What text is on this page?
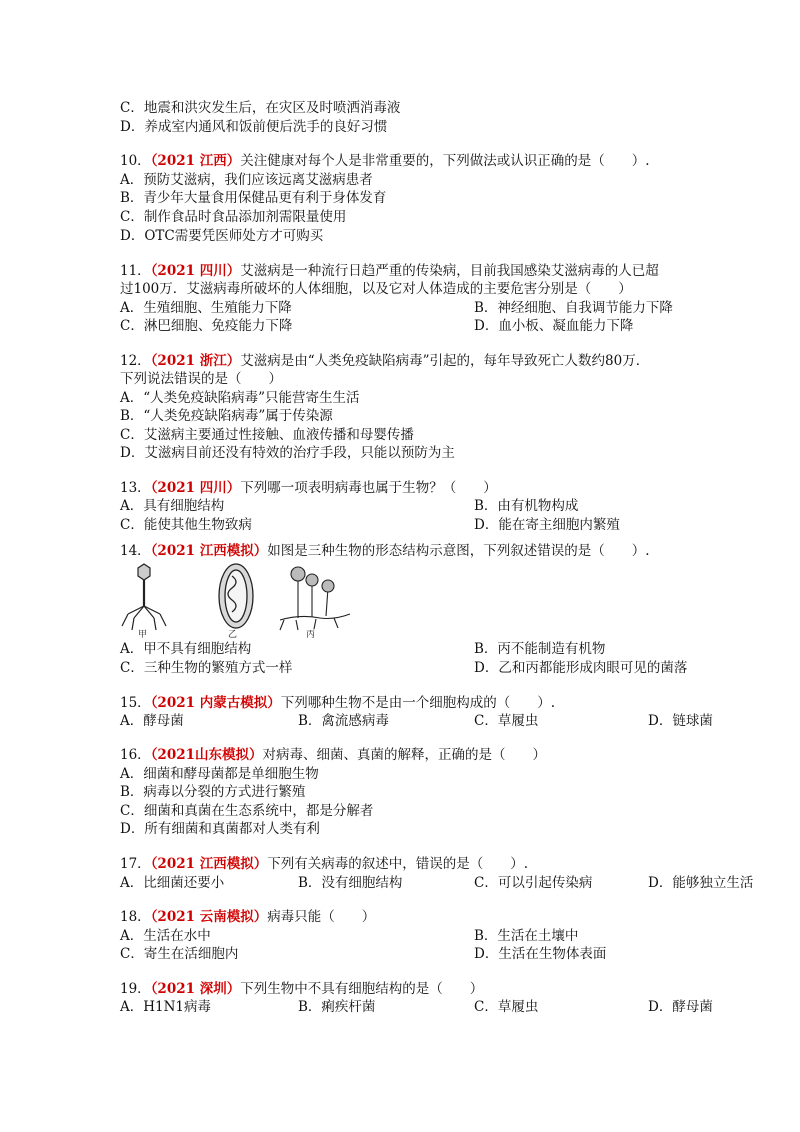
C．地震和洪灾发生后，在灾区及时喷洒消毒液
D．养成室内通风和饭前便后洗手的良好习惯
10．（2021 江西）关注健康对每个人是非常重要的，下列做法或认识正确的是（　　）.
A．预防艾滋病，我们应该远离艾滋病患者
B．青少年大量食用保健品更有利于身体发育
C．制作食品时食品添加剂需限量使用
D．OTC需要凭医师处方才可购买
11．（2021 四川）艾滋病是一种流行日趋严重的传染病，目前我国感染艾滋病毒的人已超
过100万．艾滋病毒所破坏的人体细胞，以及它对人体造成的主要危害分别是（　　）
A．生殖细胞、生殖能力下降	B．神经细胞、自我调节能力下降
C．淋巴细胞、免疫能力下降	D．血小板、凝血能力下降
12．（2021 浙江）艾滋病是由“人类免疫缺陷病毒”引起的，每年导致死亡人数约80万．
下列说法错误的是（　　）
A．“人类免疫缺陷病毒”只能营寄生生活
B．“人类免疫缺陷病毒”属于传染源
C．艾滋病主要通过性接触、血液传播和母婴传播
D．艾滋病目前还没有特效的治疗手段，只能以预防为主
13．（2021 四川）下列哪一项表明病毒也属于生物？（　　）
A．具有细胞结构	B．由有机物构成
C．能使其他生物致病	D．能在寄主细胞内繁殖
14．（2021 江西模拟）如图是三种生物的形态结构示意图，下列叙述错误的是（　　）.
甲	乙	丙
A．甲不具有细胞结构	B．丙不能制造有机物
C．三种生物的繁殖方式一样	D．乙和丙都能形成肉眼可见的菌落
15．（2021 内蒙古模拟）下列哪种生物不是由一个细胞构成的（　　）.
A．酵母菌	B．禽流感病毒	C．草履虫	D．链球菌
16．（2021山东模拟）对病毒、细菌、真菌的解释，正确的是（　　）
A．细菌和酵母菌都是单细胞生物
B．病毒以分裂的方式进行繁殖
C．细菌和真菌在生态系统中，都是分解者
D．所有细菌和真菌都对人类有利
17．（2021 江西模拟）下列有关病毒的叙述中，错误的是（　　）.
A．比细菌还要小	B．没有细胞结构	C．可以引起传染病	D．能够独立生活
18．（2021 云南模拟）病毒只能（　　）
A．生活在水中	B．生活在土壤中
C．寄生在活细胞内	D．生活在生物体表面
19．（2021 深圳）下列生物中不具有细胞结构的是（　　）
A．H1N1病毒	B．痢疾杆菌	C．草履虫	D．酵母菌
